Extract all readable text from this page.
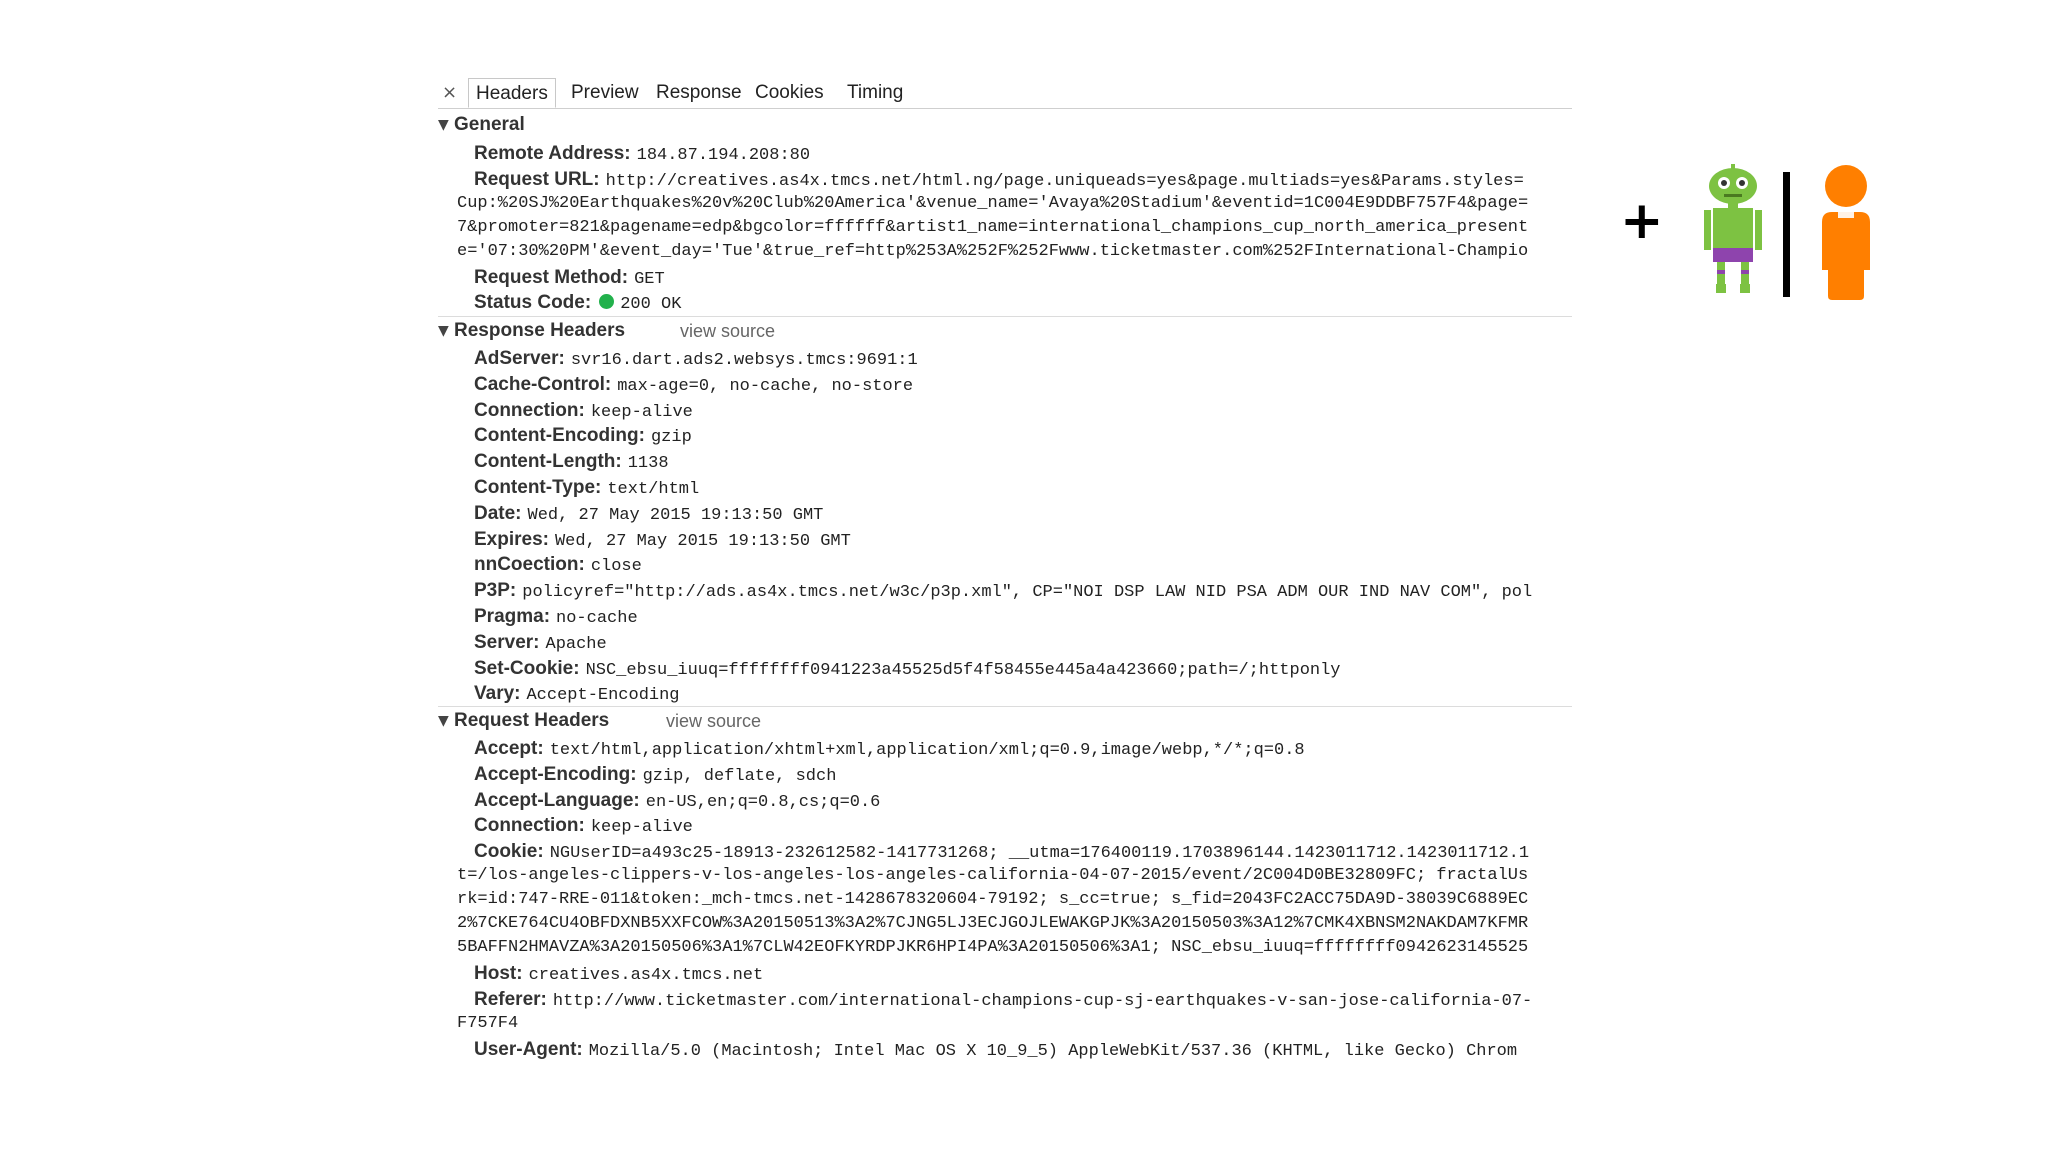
× Headers	Preview Response Cookies	Timing
▼ General
Remote Address: 184.87.194.208:80
Request URL: http://creatives.as4x.tmcs.net/html.ng/page.uniqueads=yes&page.multiads=yes&Params.styles=
Cup:%20SJ%20Earthquakes%20v%20Club%20America'&venue_name='Avaya%20Stadium'&eventid=1C004E9DDBF757F4&page=
7&promoter=821&pagename=edp&bgcolor=ffffff&artist1_name=international_champions_cup_north_america_present
e='07:30%20PM'&event_day='Tue'&true_ref=http%253A%252F%252Fwww.ticketmaster.com%252FInternational-Champio
Request Method: GET
Status Code: 200 OK
▼ Response Headers	view source
AdServer: svr16.dart.ads2.websys.tmcs:9691:1
Cache-Control: max-age=0, no-cache, no-store
Connection: keep-alive
Content-Encoding: gzip
Content-Length: 1138
Content-Type: text/html
Date: Wed, 27 May 2015 19:13:50 GMT
Expires: Wed, 27 May 2015 19:13:50 GMT
nnCoection: close
P3P: policyref="http://ads.as4x.tmcs.net/w3c/p3p.xml", CP="NOI DSP LAW NID PSA ADM OUR IND NAV COM", pol
Pragma: no-cache
Server: Apache
Set-Cookie: NSC_ebsu_iuuq=ffffffff0941223a45525d5f4f58455e445a4a423660;path=/;httponly
Vary: Accept-Encoding
▼ Request Headers	view source
Accept: text/html,application/xhtml+xml,application/xml;q=0.9,image/webp,*/*;q=0.8
Accept-Encoding: gzip, deflate, sdch
Accept-Language: en-US,en;q=0.8,cs;q=0.6
Connection: keep-alive
Cookie: NGUserID=a493c25-18913-232612582-1417731268; __utma=176400119.1703896144.1423011712.1423011712.1
t=/los-angeles-clippers-v-los-angeles-los-angeles-california-04-07-2015/event/2C004D0BE32809FC; fractalUs
rk=id:747-RRE-011&token:_mch-tmcs.net-1428678320604-79192; s_cc=true; s_fid=2043FC2ACC75DA9D-38039C6889EC
2%7CKE764CU4OBFDXNB5XXFCOW%3A20150513%3A2%7CJNG5LJ3ECJGOJLEWAKGPJK%3A20150503%3A12%7CMK4XBNSM2NAKDAM7KFMR
5BAFFN2HMAVZA%3A20150506%3A1%7CLW42EOFKYRDPJKR6HPI4PA%3A20150506%3A1; NSC_ebsu_iuuq=ffffffff0942623145525
Host: creatives.as4x.tmcs.net
Referer: http://www.ticketmaster.com/international-champions-cup-sj-earthquakes-v-san-jose-california-07-
F757F4
User-Agent: Mozilla/5.0 (Macintosh; Intel Mac OS X 10_9_5) AppleWebKit/537.36 (KHTML, like Gecko) Chrom
+
